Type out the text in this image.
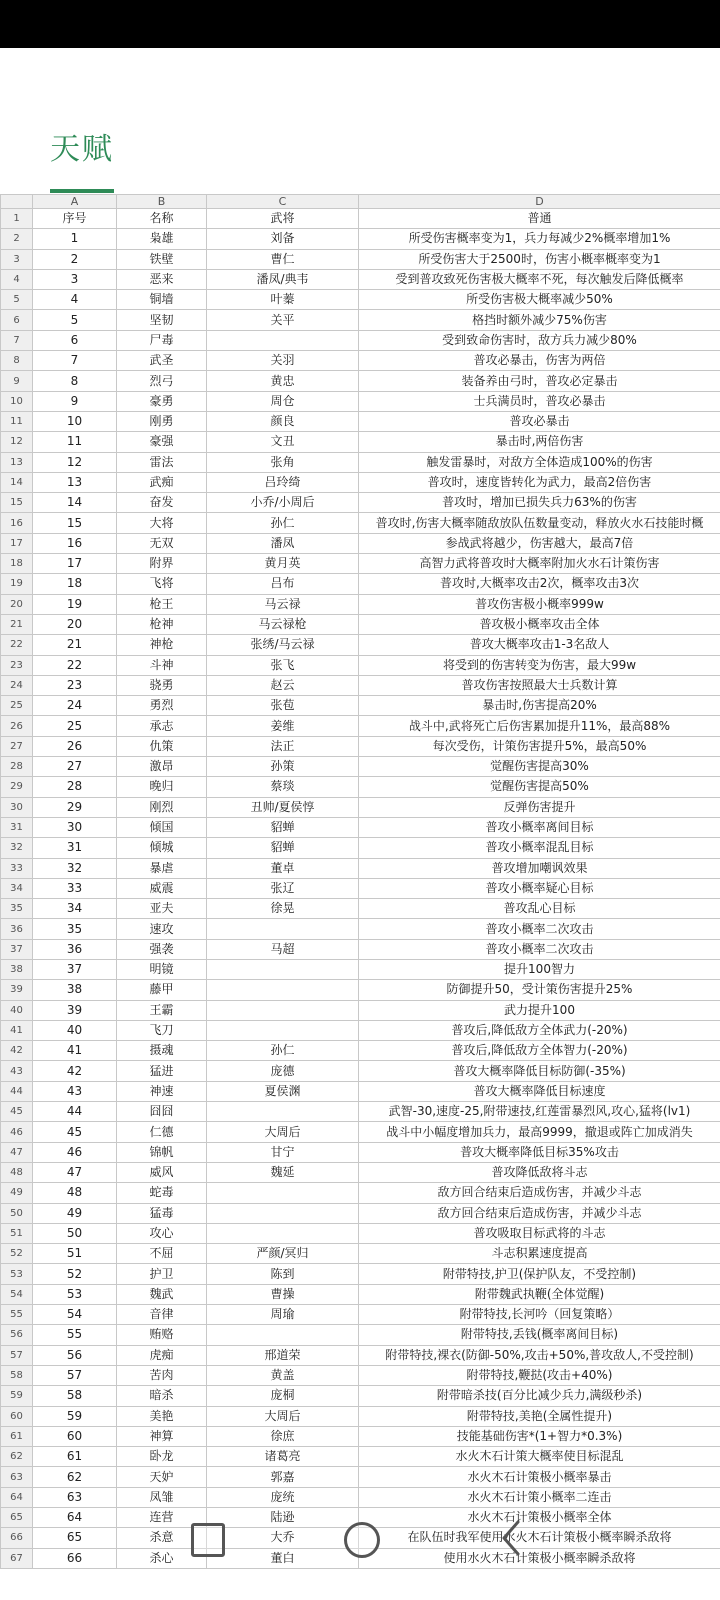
天赋
	A	B	C	D
1	序号	名称	武将	普通
2	1	枭雄	刘备	所受伤害概率变为1，兵力每减少2%概率增加1%
3	2	铁壁	曹仁	所受伤害大于2500时，伤害小概率概率变为1
4	3	恶来	潘凤/典韦	受到普攻致死伤害极大概率不死，每次触发后降低概率
5	4	铜墙	叶蓁	所受伤害极大概率减少50%
6	5	坚韧	关平	格挡时额外减少75%伤害
7	6	尸毒		受到致命伤害时，敌方兵力减少80%
8	7	武圣	关羽	普攻必暴击，伤害为两倍
9	8	烈弓	黄忠	装备养由弓时，普攻必定暴击
10	9	豪勇	周仓	士兵满员时，普攻必暴击
11	10	刚勇	颜良	普攻必暴击
12	11	豪强	文丑	暴击时,两倍伤害
13	12	雷法	张角	触发雷暴时，对敌方全体造成100%的伤害
14	13	武痴	吕玲绮	普攻时，速度皆转化为武力，最高2倍伤害
15	14	奋发	小乔/小周后	普攻时，增加已损失兵力63%的伤害
16	15	大将	孙仁	普攻时,伤害大概率随敌放队伍数量变动，释放火水石技能时概
17	16	无双	潘凤	参战武将越少，伤害越大，最高7倍
18	17	附界	黄月英	高智力武将普攻时大概率附加火水石计策伤害
19	18	飞将	吕布	普攻时,大概率攻击2次，概率攻击3次
20	19	枪王	马云禄	普攻伤害极小概率999w
21	20	枪神	马云禄枪	普攻极小概率攻击全体
22	21	神枪	张绣/马云禄	普攻大概率攻击1-3名敌人
23	22	斗神	张飞	将受到的伤害转变为伤害，最大99w
24	23	骁勇	赵云	普攻伤害按照最大士兵数计算
25	24	勇烈	张苞	暴击时,伤害提高20%
26	25	承志	姜维	战斗中,武将死亡后伤害累加提升11%，最高88%
27	26	仇策	法正	每次受伤，计策伤害提升5%，最高50%
28	27	激昂	孙策	觉醒伤害提高30%
29	28	晚归	蔡琰	觉醒伤害提高50%
30	29	刚烈	丑帅/夏侯惇	反弹伤害提升
31	30	倾国	貂蝉	普攻小概率离间目标
32	31	倾城	貂蝉	普攻小概率混乱目标
33	32	暴虐	董卓	普攻增加嘲讽效果
34	33	威震	张辽	普攻小概率疑心目标
35	34	亚夫	徐晃	普攻乱心目标
36	35	速攻		普攻小概率二次攻击
37	36	强袭	马超	普攻小概率二次攻击
38	37	明镜		提升100智力
39	38	藤甲		防御提升50，受计策伤害提升25%
40	39	王霸		武力提升100
41	40	飞刀		普攻后,降低敌方全体武力(-20%)
42	41	摄魂	孙仁	普攻后,降低敌方全体智力(-20%)
43	42	猛进	庞德	普攻大概率降低目标防御(-35%)
44	43	神速	夏侯渊	普攻大概率降低目标速度
45	44	囧囧		武智-30,速度-25,附带速技,红莲雷暴烈风,攻心,猛将(lv1)
46	45	仁德	大周后	战斗中小幅度增加兵力，最高9999，撤退或阵亡加成消失
47	46	锦帆	甘宁	普攻大概率降低目标35%攻击
48	47	威风	魏延	普攻降低敌将斗志
49	48	蛇毒		敌方回合结束后造成伤害，并减少斗志
50	49	猛毒		敌方回合结束后造成伤害，并减少斗志
51	50	攻心		普攻吸取目标武将的斗志
52	51	不屈	严颜/冥归	斗志积累速度提高
53	52	护卫	陈到	附带特技,护卫(保护队友，不受控制)
54	53	魏武	曹操	附带魏武执鞭(全体觉醒)
55	54	音律	周瑜	附带特技,长河吟（回复策略）
56	55	贿赂		附带特技,丢钱(概率离间目标)
57	56	虎痴	邢道荣	附带特技,裸衣(防御-50%,攻击+50%,普攻敌人,不受控制)
58	57	苦肉	黄盖	附带特技,鞭挞(攻击+40%)
59	58	暗杀	庞桐	附带暗杀技(百分比减少兵力,满级秒杀)
60	59	美艳	大周后	附带特技,美艳(全属性提升)
61	60	神算	徐庶	技能基础伤害*(1+智力*0.3%)
62	61	卧龙	诸葛亮	水火木石计策大概率使目标混乱
63	62	天妒	郭嘉	水火木石计策极小概率暴击
64	63	凤雏	庞统	水火木石计策小概率二连击
65	64	连营	陆逊	水火木石计策极小概率全体
66	65	杀意	大乔	在队伍时我军使用水火木石计策极小概率瞬杀敌将
67	66	杀心	董白	使用水火木石计策极小概率瞬杀敌将
